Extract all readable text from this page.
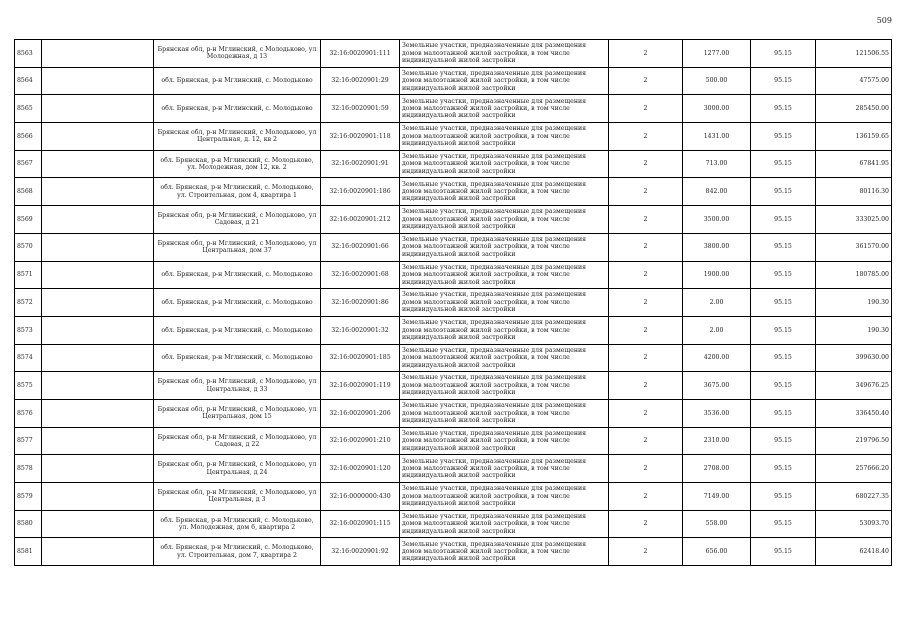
509
8563		Брянская обл, р-н Мглинский, с Молодьково, ул Молодежная, д 13	32:16:0020901:111	Земельные участки, предназначенные для размещения домов малоэтажной жилой застройки, в том числе индивидуальной жилой застройки	2	1277.00	95.15	121506.55
8564		обл. Брянская, р-н Мглинский, с. Молодьково	32:16:0020901:29	Земельные участки, предназначенные для размещения домов малоэтажной жилой застройки, в том числе индивидуальной жилой застройки	2	500.00	95.15	47575.00
8565		обл. Брянская, р-н Мглинский, с. Молодьково	32:16:0020901:59	Земельные участки, предназначенные для размещения домов малоэтажной жилой застройки, в том числе индивидуальной жилой застройки	2	3000.00	95.15	285450.00
8566		Брянская обл, р-н Мглинский, с Молодьково, ул Центральная, д. 12, кв 2	32:16:0020901:118	Земельные участки, предназначенные для размещения домов малоэтажной жилой застройки, в том числе индивидуальной жилой застройки	2	1431.00	95.15	136159.65
8567		обл. Брянская, р-н Мглинский, с. Молодьково, ул. Молодежная, дом 12, кв. 2	32:16:0020901:91	Земельные участки, предназначенные для размещения домов малоэтажной жилой застройки, в том числе индивидуальной жилой застройки	2	713.00	95.15	67841.95
8568		обл. Брянская, р-н Мглинский, с. Молодьково, ул. Строительная, дом 4, квартира 1	32:16:0020901:186	Земельные участки, предназначенные для размещения домов малоэтажной жилой застройки, в том числе индивидуальной жилой застройки	2	842.00	95.15	80116.30
8569		Брянская обл, р-н Мглинский, с Молодьково, ул Садовая, д 21	32:16:0020901:212	Земельные участки, предназначенные для размещения домов малоэтажной жилой застройки, в том числе индивидуальной жилой застройки	2	3500.00	95.15	333025.00
8570		Брянская обл, р-н Мглинский, с Молодьково, ул Центральная, дом 37	32:16:0020901:66	Земельные участки, предназначенные для размещения домов малоэтажной жилой застройки, в том числе индивидуальной жилой застройки	2	3800.00	95.15	361570.00
8571		обл. Брянская, р-н Мглинский, с. Молодьково	32:16:0020901:68	Земельные участки, предназначенные для размещения домов малоэтажной жилой застройки, в том числе индивидуальной жилой застройки	2	1900.00	95.15	180785.00
8572		обл. Брянская, р-н Мглинский, с. Молодьково	32:16:0020901:86	Земельные участки, предназначенные для размещения домов малоэтажной жилой застройки, в том числе индивидуальной жилой застройки	2	2.00	95.15	190.30
8573		обл. Брянская, р-н Мглинский, с. Молодьково	32:16:0020901:32	Земельные участки, предназначенные для размещения домов малоэтажной жилой застройки, в том числе индивидуальной жилой застройки	2	2.00	95.15	190.30
8574		обл. Брянская, р-н Мглинский, с. Молодьково	32:16:0020901:185	Земельные участки, предназначенные для размещения домов малоэтажной жилой застройки, в том числе индивидуальной жилой застройки	2	4200.00	95.15	399630.00
8575		Брянская обл, р-н Мглинский, с Молодьково, ул Центральная, д 33	32:16:0020901:119	Земельные участки, предназначенные для размещения домов малоэтажной жилой застройки, в том числе индивидуальной жилой застройки	2	3675.00	95.15	349676.25
8576		Брянская обл, р-н Мглинский, с Молодьково, ул Центральная, дом 15	32:16:0020901:206	Земельные участки, предназначенные для размещения домов малоэтажной жилой застройки, в том числе индивидуальной жилой застройки	2	3536.00	95.15	336450.40
8577		Брянская обл, р-н Мглинский, с Молодьково, ул Садовая, д 22	32:16:0020901:210	Земельные участки, предназначенные для размещения домов малоэтажной жилой застройки, в том числе индивидуальной жилой застройки	2	2310.00	95.15	219796.50
8578		Брянская обл, р-н Мглинский, с Молодьково, ул Центральная, д 24	32:16:0020901:120	Земельные участки, предназначенные для размещения домов малоэтажной жилой застройки, в том числе индивидуальной жилой застройки	2	2708.00	95.15	257666.20
8579		Брянская обл, р-н Мглинский, с Молодьково, ул Центральная, д 3	32:16:0000000:430	Земельные участки, предназначенные для размещения домов малоэтажной жилой застройки, в том числе индивидуальной жилой застройки	2	7149.00	95.15	680227.35
8580		обл. Брянская, р-н Мглинский, с. Молодьково, ул. Молодежная, дом 6, квартира 2	32:16:0020901:115	Земельные участки, предназначенные для размещения домов малоэтажной жилой застройки, в том числе индивидуальной жилой застройки	2	558.00	95.15	53093.70
8581		обл. Брянская, р-н Мглинский, с. Молодьково, ул. Строительная, дом 7, квартира 2	32:16:0020901:92	Земельные участки, предназначенные для размещения домов малоэтажной жилой застройки, в том числе индивидуальной жилой застройки	2	656.00	95.15	62418.40
